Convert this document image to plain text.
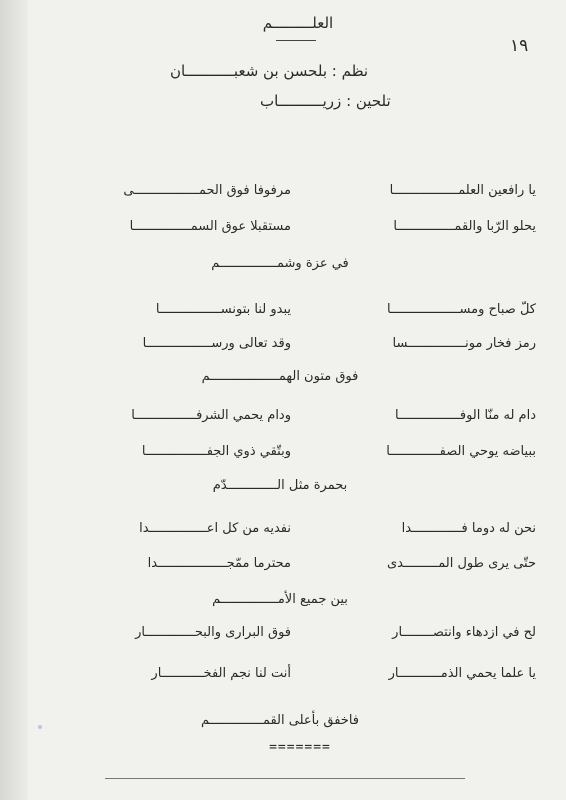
العلـــــــــم
١٩
نظم : بلحسن بن شعبـــــــــــان
تلحين : زريــــــــــاب
يا رافعين العلمـــــــــــــــــا
مرفوفا فوق الحمـــــــــــــــــى
يحلو الرّبا والقمـــــــــــــــا
مستقبلا عوق السمـــــــــــــــا
في عزة وشمـــــــــــــــم
كلّ صباح ومســــــــــــــــــا
يبدو لنا بتونســــــــــــــــا
رمز فخار مونـــــــــــــــسا
وقد تعالى ورســـــــــــــــــا
فوق متون الهمــــــــــــــــــم
دام له منّا الوفــــــــــــــــا
ودام يحمي الشرفــــــــــــــــا
ببياضه يوحي الصفـــــــــــــا
وبتّقي ذوي الجفــــــــــــــــا
بحمرة مثل الـــــــــــــدّم
نحن له دوما فـــــــــــــدا
نفديه من كل اعـــــــــــــــدا
حتّى يرى طول المـــــــــدى
محترما ممّجــــــــــــــــــدا
بين جميع الأمـــــــــــــــم
لح في ازدهاء وانتصــــــــار
فوق البرارى والبحـــــــــــــار
يا علما يحمي الذمـــــــــــار
أنت لنا نجم الفخـــــــــــار
فاخفق بأعلى القمــــــــــــــم
=======
